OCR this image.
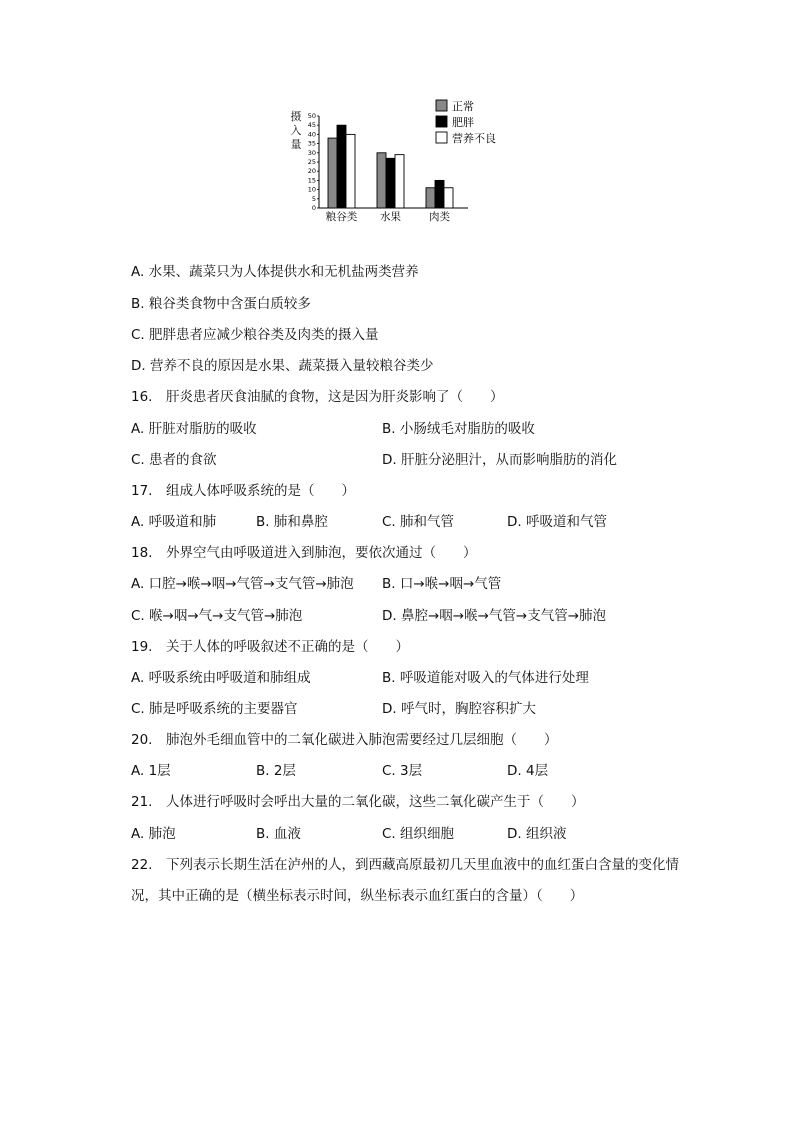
0
5
10
15
20
25
30
35
40
45
50
粮谷类 水果	肉类
正常
肥胖
营养不良
摄
入
量
A. 水果、蔬菜只为人体提供水和无机盐两类营养
B. 粮谷类食物中含蛋白质较多
C. 肥胖患者应减少粮谷类及肉类的摄入量
D. 营养不良的原因是水果、蔬菜摄入量较粮谷类少
16.　肝炎患者厌食油腻的食物，这是因为肝炎影响了（　　）
A. 肝脏对脂肪的吸收	B. 小肠绒毛对脂肪的吸收
C. 患者的食欲	D. 肝脏分泌胆汁，从而影响脂肪的消化
17.　组成人体呼吸系统的是（　　）
A. 呼吸道和肺	B. 肺和鼻腔	C. 肺和气管	D. 呼吸道和气管
18.　外界空气由呼吸道进入到肺泡，要依次通过（　　）
A. 口腔→喉→咽→气管→支气管→肺泡 B. 口→喉→咽→气管
C. 喉→咽→气→支气管→肺泡	D. 鼻腔→咽→喉→气管→支气管→肺泡
19.　关于人体的呼吸叙述不正确的是（　　）
A. 呼吸系统由呼吸道和肺组成	B. 呼吸道能对吸入的气体进行处理
C. 肺是呼吸系统的主要器官	D. 呼气时，胸腔容积扩大
20.　肺泡外毛细血管中的二氧化碳进入肺泡需要经过几层细胞（　　）
A. 1层	B. 2层	C. 3层	D. 4层
21.　人体进行呼吸时会呼出大量的二氧化碳，这些二氧化碳产生于（　　）
A. 肺泡	B. 血液	C. 组织细胞	D. 组织液
22.　下列表示长期生活在泸州的人，到西藏高原最初几天里血液中的血红蛋白含量的变化情
况，其中正确的是（横坐标表示时间，纵坐标表示血红蛋白的含量）（　　）
